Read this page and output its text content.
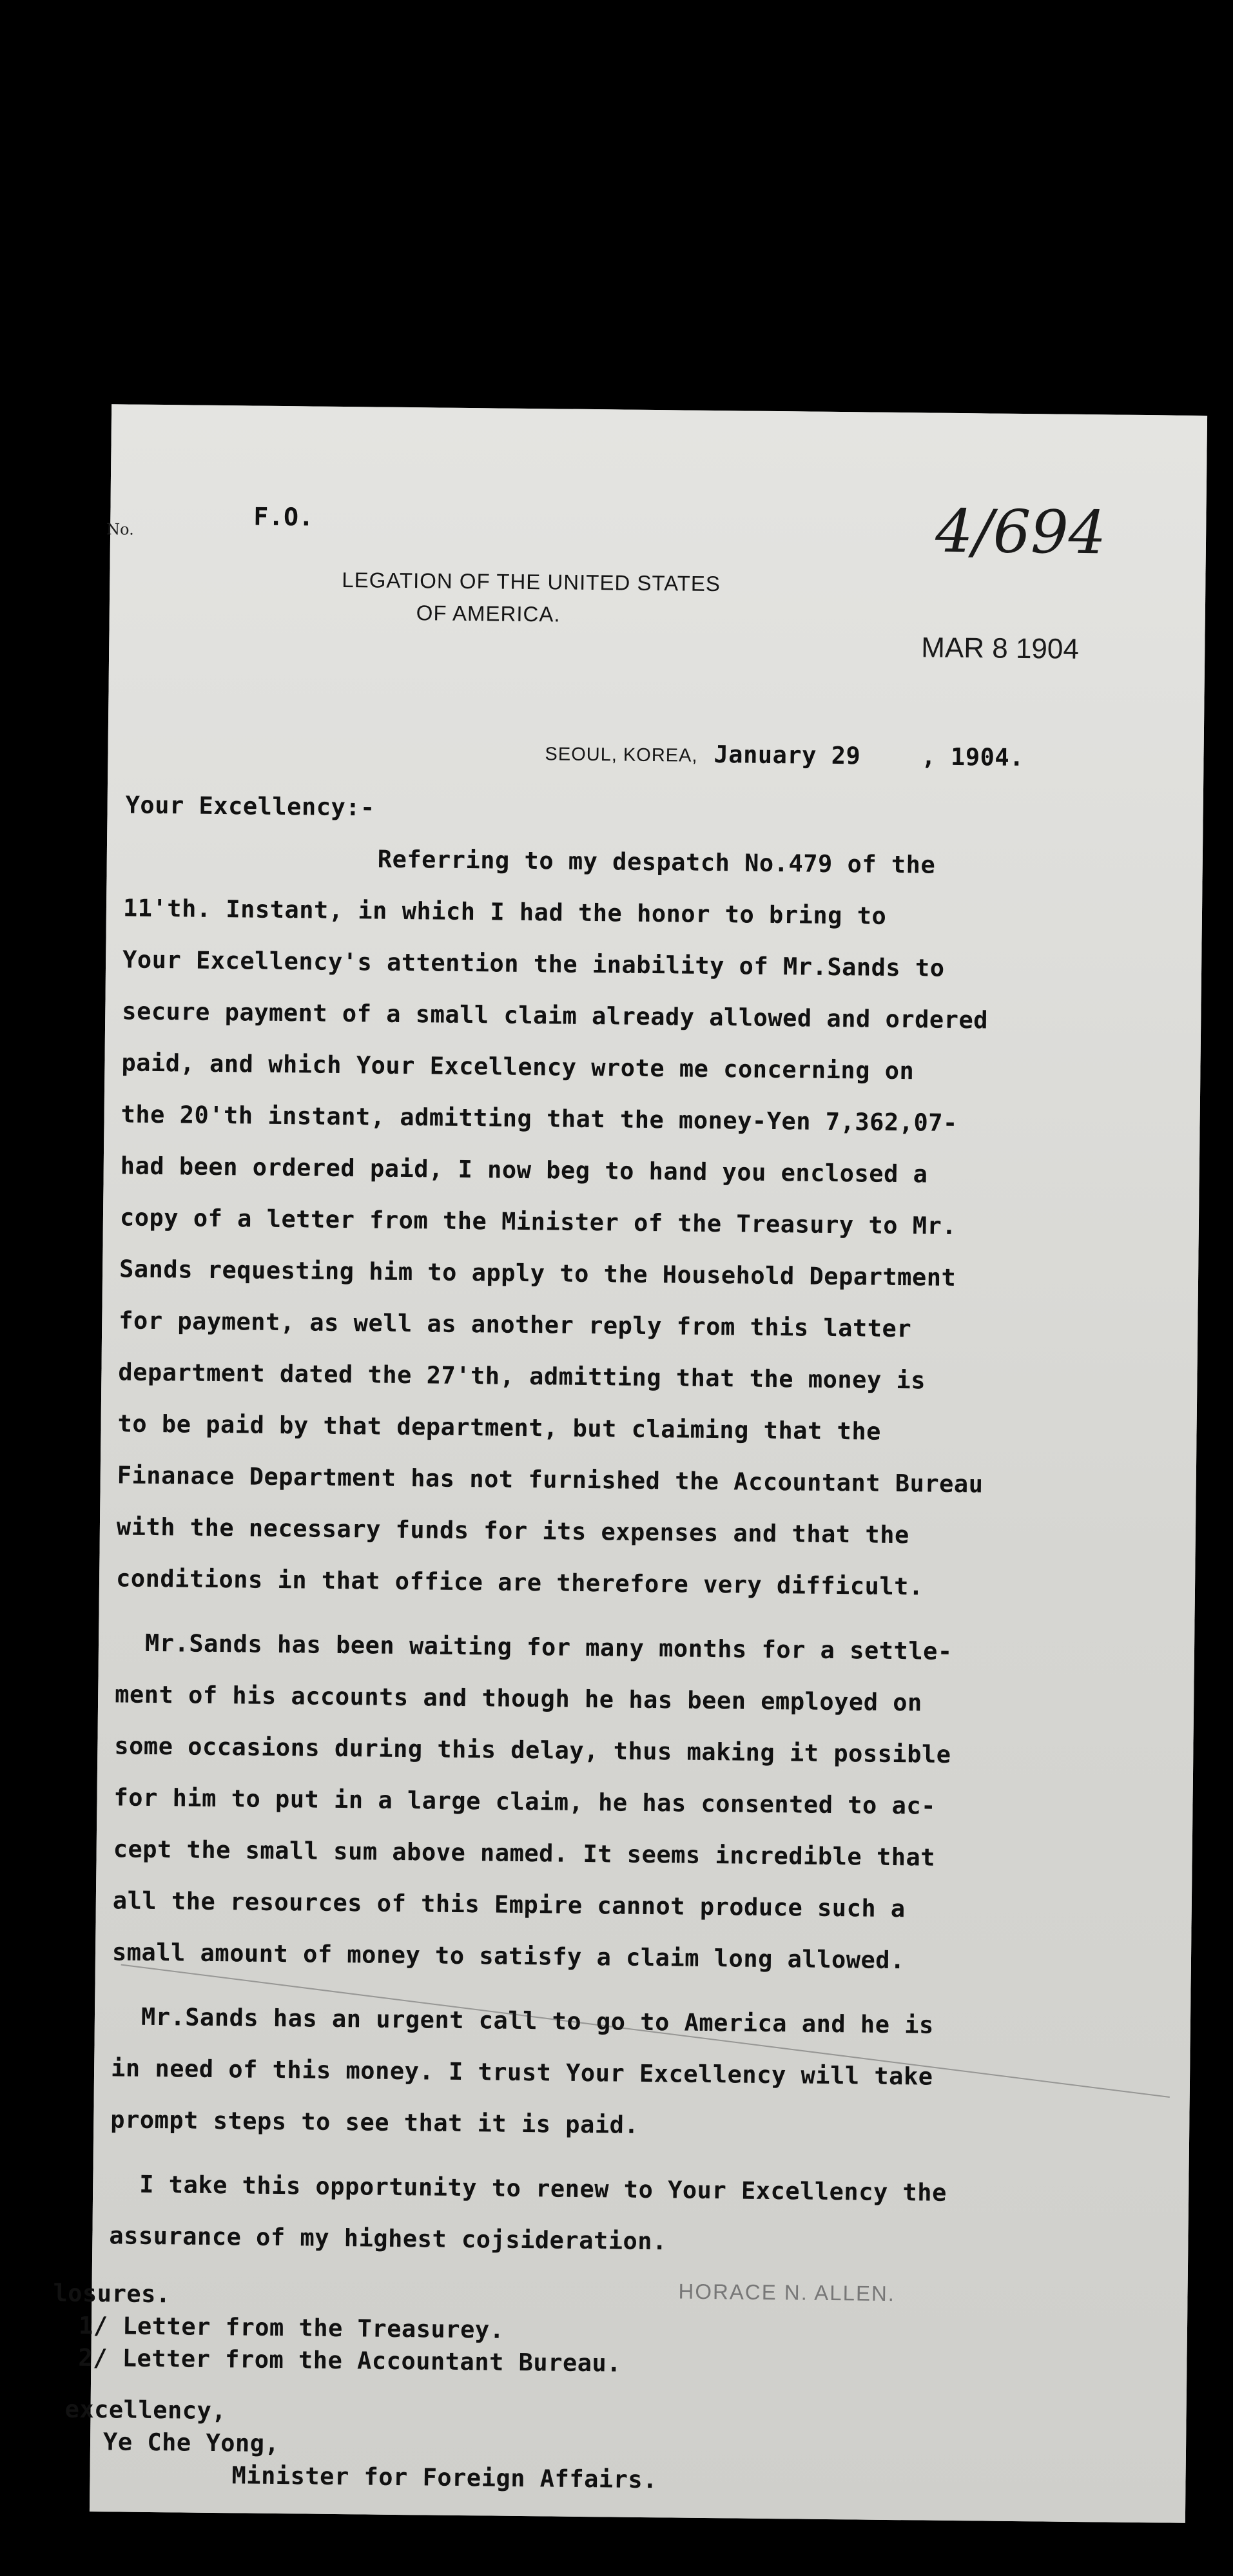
No.	F.O.
LEGATION OF THE UNITED STATES
OF AMERICA.
4/694
MAR 8 1904
SEOUL, KOREA, January 29	, 1904.
Your Excellency:-
Referring to my despatch No.479 of the
11'th. Instant, in which I had the honor to bring to
Your Excellency's attention the inability of Mr.Sands to
secure payment of a small claim already allowed and ordered
paid, and which Your Excellency wrote me concerning on
the 20'th instant, admitting that the money-Yen 7,362,07-
had been ordered paid, I now beg to hand you enclosed a
copy of a letter from the Minister of the Treasury to Mr.
Sands requesting him to apply to the Household Department
for payment, as well as another reply from this latter
department dated the 27'th, admitting that the money is
to be paid by that department, but claiming that the
Finanace Department has not furnished the Accountant Bureau
with the necessary funds for its expenses and that the
conditions in that office are therefore very difficult.
Mr.Sands has been waiting for many months for a settle-
ment of his accounts and though he has been employed on
some occasions during this delay, thus making it possible
for him to put in a large claim, he has consented to ac-
cept the small sum above named. It seems incredible that
all the resources of this Empire cannot produce such a
small amount of money to satisfy a claim long allowed.
Mr.Sands has an urgent call to go to America and he is
in need of this money. I trust Your Excellency will take
prompt steps to see that it is paid.
I take this opportunity to renew to Your Excellency the
assurance of my highest cojsideration.
HORACE N. ALLEN.
losures.
1/ Letter from the Treasurey.
2/ Letter from the Accountant Bureau.
excellency,
Ye Che Yong,
Minister for Foreign Affairs.
